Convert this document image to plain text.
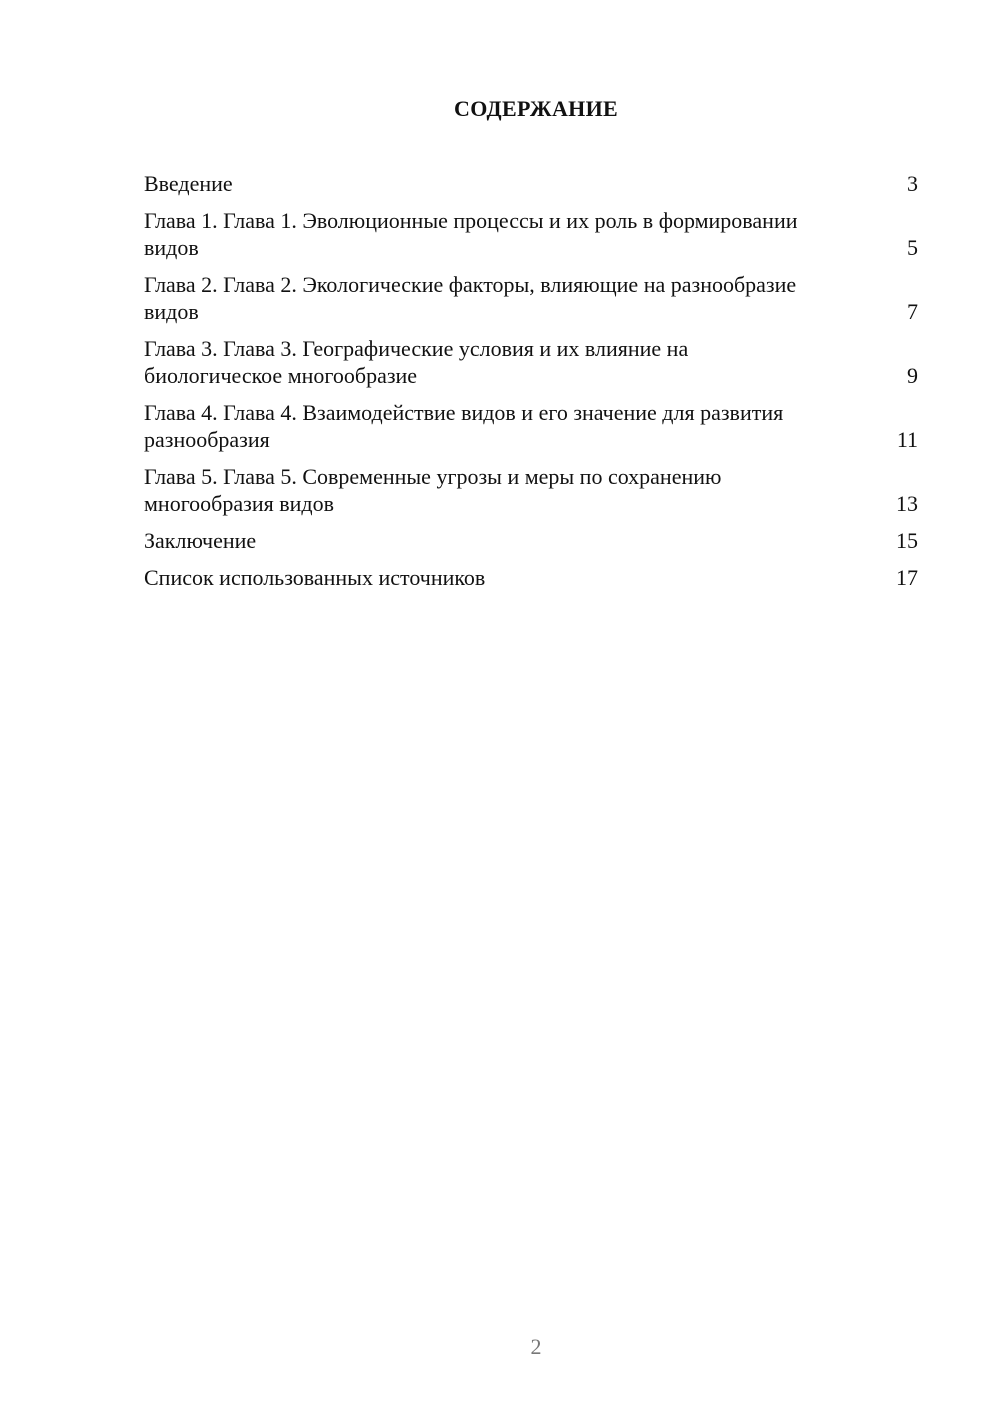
СОДЕРЖАНИЕ
Введение	3
Глава 1. Глава 1. Эволюционные процессы и их роль в формировании видов	5
Глава 2. Глава 2. Экологические факторы, влияющие на разнообразие видов	7
Глава 3. Глава 3. Географические условия и их влияние на биологическое многообразие	9
Глава 4. Глава 4. Взаимодействие видов и его значение для развития разнообразия	11
Глава 5. Глава 5. Современные угрозы и меры по сохранению многообразия видов	13
Заключение	15
Список использованных источников	17
2
